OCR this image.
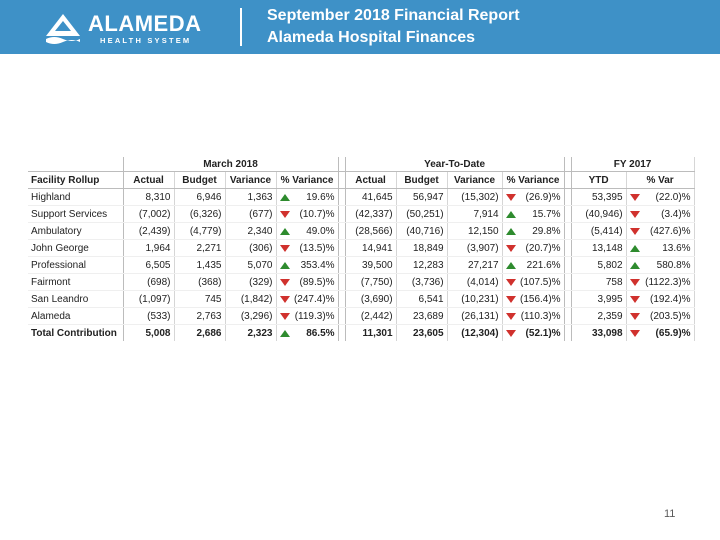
ALAMEDA
HEALTH SYSTEM
September 2018 Financial Report
Alameda Hospital Finances
	March 2018					Year-To-Date					FY 2017	
Facility Rollup	Actual	Budget	Variance	% Variance		Actual	Budget	Variance	% Variance		YTD	% Var
Highland	8,310	6,946	1,363	19.6%		41,645	56,947	(15,302)	(26.9)%		53,395	(22.0)%

Support Services	(7,002)	(6,326)	(677)	(10.7)%		(42,337)	(50,251)	7,914	15.7%		(40,946)	(3.4)%

Ambulatory	(2,439)	(4,779)	2,340	49.0%		(28,566)	(40,716)	12,150	29.8%		(5,414)	(427.6)%

John George	1,964	2,271	(306)	(13.5)%		14,941	18,849	(3,907)	(20.7)%		13,148	13.6%

Professional	6,505	1,435	5,070	353.4%		39,500	12,283	27,217	221.6%		5,802	580.8%

Fairmont	(698)	(368)	(329)	(89.5)%		(7,750)	(3,736)	(4,014)	(107.5)%		758	(1122.3)%

San Leandro	(1,097)	745	(1,842)	(247.4)%		(3,690)	6,541	(10,231)	(156.4)%		3,995	(192.4)%

Alameda	(533)	2,763	(3,296)	(119.3)%		(2,442)	23,689	(26,131)	(110.3)%		2,359	(203.5)%

Total Contribution	5,008	2,686	2,323	86.5%		11,301	23,605	(12,304)	(52.1)%		33,098	(65.9)%
11
